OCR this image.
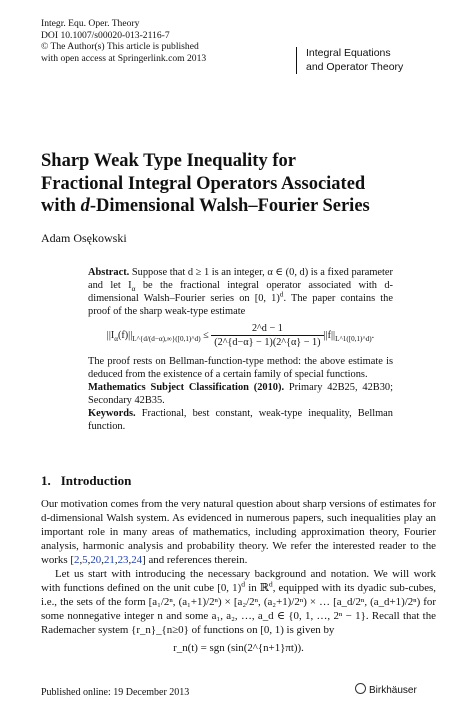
Integr. Equ. Oper. Theory
DOI 10.1007/s00020-013-2116-7
© The Author(s) This article is published
with open access at Springerlink.com 2013	Integral Equations
and Operator Theory
Sharp Weak Type Inequality for
Fractional Integral Operators Associated
with d-Dimensional Walsh–Fourier Series
Adam Osękowski

Abstract. Suppose that d ≥ 1 is an integer, α ∈ (0, d) is a fixed parameter and let $I_\alpha$ be the fractional integral operator associated with d-dimensional Walsh–Fourier series on [0, 1)$^d$. The paper contains the proof of the sharp weak-type estimate

$||I_\alpha(f)||_{L\^{}\{d/(d-\alpha),\infty\}([0,1)\^{}d)} \le \frac{2\^{}d - 1}{(2\^{}\{d-\alpha\} - 1)(2\^{}\{\alpha\} - 1)} ||f||_{L\^{}1([0,1)\^{}d)}$.

The proof rests on Bellman-function-type method: the above estimate is deduced from the existence of a certain family of special functions.

Mathematics Subject Classification (2010). Primary 42B25, 42B30; Secondary 42B35.

Keywords. Fractional, best constant, weak-type inequality, Bellman function.

1. Introduction

Our motivation comes from the very natural question about sharp versions of estimates for d-dimensional Walsh system. As evidenced in numerous papers, such inequalities play an important role in many areas of mathematics, including approximation theory, Fourier analysis, harmonic analysis and probability theory. We refer the interested reader to the works [2,5,20,21,23,24] and references therein.

Let us start with introducing the necessary background and notation. We will work with functions defined on the unit cube [0, 1)$^d$ in ℝ$^d$, equipped with its dyadic sub-cubes, i.e., the sets of the form [a₁/2ⁿ, (a₁+1)/2ⁿ) × [a₂/2ⁿ, (a₂+1)/2ⁿ) × … [a_d/2ⁿ, (a_d+1)/2ⁿ) for some nonnegative integer n and some a₁, a₂, …, a_d ∈ {0, 1, …, 2ⁿ − 1}. Recall that the Rademacher system {r_n}_{n≥0} of functions on [0, 1) is given by

r_n(t) = sgn (sin(2^{n+1}πt)).
Published online: 19 December 2013	Birkhäuser
